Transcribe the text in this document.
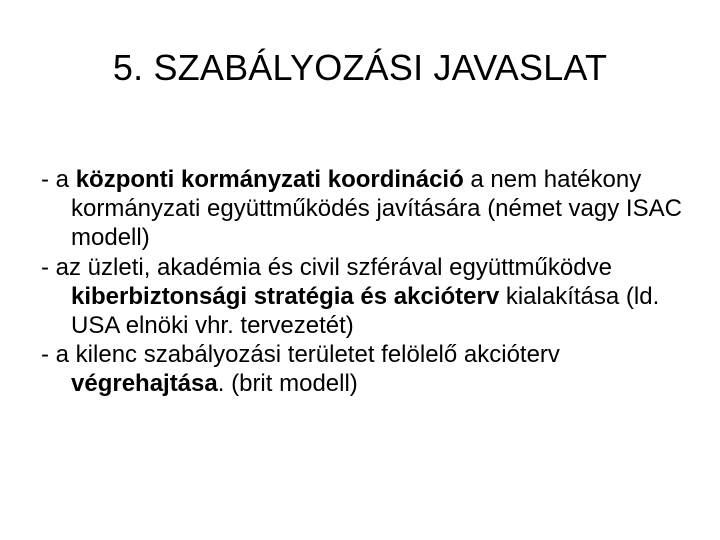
5. SZABÁLYOZÁSI JAVASLAT

- a központi kormányzati koordináció a nem hatékony kormányzati együttműködés javítására (német vagy ISAC modell)

- az üzleti, akadémia és civil szférával együttműködve kiberbiztonsági stratégia és akcióterv kialakítása (ld. USA elnöki vhr. tervezetét)

- a kilenc szabályozási területet felölelő akcióterv végrehajtása. (brit modell)
